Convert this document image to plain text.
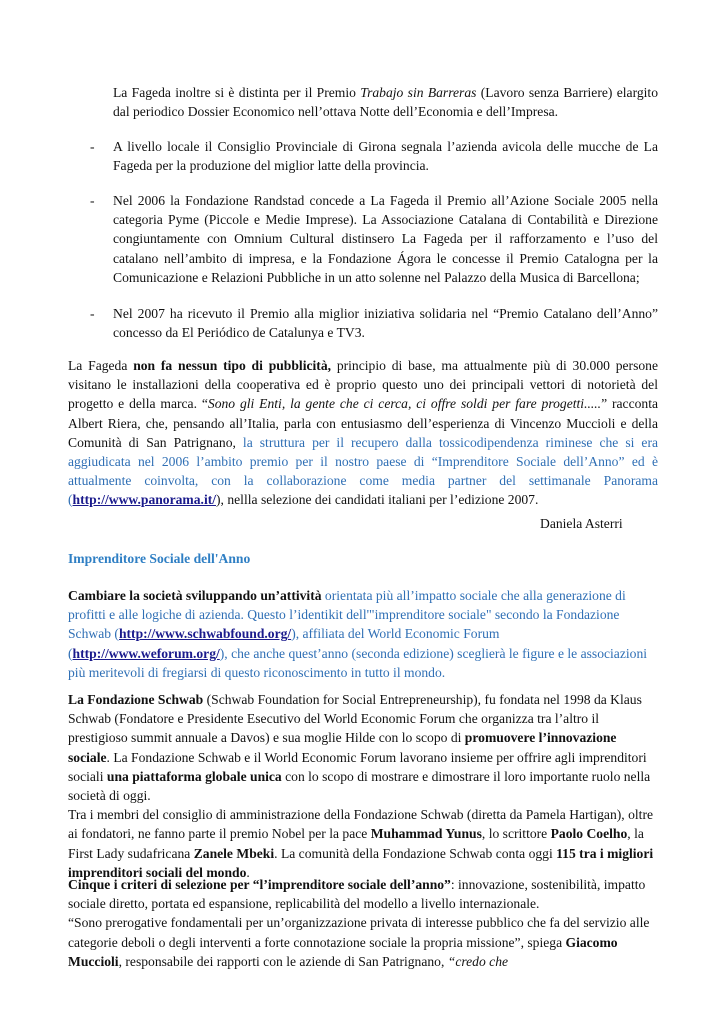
La Fageda inoltre si è distinta per il Premio Trabajo sin Barreras (Lavoro senza Barriere) elargito dal periodico Dossier Economico nell’ottava Notte dell’Economia e dell’Impresa.

- A livello locale il Consiglio Provinciale di Girona segnala l’azienda avicola delle mucche de La Fageda per la produzione del miglior latte della provincia.

- Nel 2006 la Fondazione Randstad concede a La Fageda il Premio all’Azione Sociale 2005 nella categoria Pyme (Piccole e Medie Imprese). La Associazione Catalana di Contabilità e Direzione congiuntamente con Omnium Cultural distinsero La Fageda per il rafforzamento e l’uso del catalano nell’ambito di impresa, e la Fondazione Ágora le concesse il Premio Catalogna per la Comunicazione e Relazioni Pubbliche in un atto solenne nel Palazzo della Musica di Barcellona;

- Nel 2007 ha ricevuto il Premio alla miglior iniziativa solidaria nel “Premio Catalano dell’Anno” concesso da El Periódico de Catalunya e TV3.

La Fageda non fa nessun tipo di pubblicità, principio di base, ma attualmente più di 30.000 persone visitano le installazioni della cooperativa ed è proprio questo uno dei principali vettori di notorietà del progetto e della marca. “Sono gli Enti, la gente che ci cerca, ci offre soldi per fare progetti.....” racconta Albert Riera, che, pensando all’Italia, parla con entusiasmo dell’esperienza di Vincenzo Muccioli e della Comunità di San Patrignano, la struttura per il recupero dalla tossicodipendenza riminese che si era aggiudicata nel 2006 l’ambito premio per il nostro paese di “Imprenditore Sociale dell’Anno” ed è attualmente coinvolta, con la collaborazione come media partner del settimanale Panorama (http://www.panorama.it/), nellla selezione dei candidati italiani per l’edizione 2007.

Daniela Asterri

Imprenditore Sociale dell'Anno

Cambiare la società sviluppando un’attività orientata più all’impatto sociale che alla generazione di profitti e alle logiche di azienda. Questo l’identikit dell'"imprenditore sociale" secondo la Fondazione Schwab (http://www.schwabfound.org/), affiliata del World Economic Forum (http://www.weforum.org/), che anche quest’anno (seconda edizione) sceglierà le figure e le associazioni più meritevoli di fregiarsi di questo riconoscimento in tutto il mondo.

La Fondazione Schwab (Schwab Foundation for Social Entrepreneurship), fu fondata nel 1998 da Klaus Schwab (Fondatore e Presidente Esecutivo del World Economic Forum che organizza tra l’altro il prestigioso summit annuale a Davos) e sua moglie Hilde con lo scopo di promuovere l’innovazione sociale. La Fondazione Schwab e il World Economic Forum lavorano insieme per offrire agli imprenditori sociali una piattaforma globale unica con lo scopo di mostrare e dimostrare il loro importante ruolo nella società di oggi.
Tra i membri del consiglio di amministrazione della Fondazione Schwab (diretta da Pamela Hartigan), oltre ai fondatori, ne fanno parte il premio Nobel per la pace Muhammad Yunus, lo scrittore Paolo Coelho, la First Lady sudafricana Zanele Mbeki. La comunità della Fondazione Schwab conta oggi 115 tra i migliori imprenditori sociali del mondo.

Cinque i criteri di selezione per “l’imprenditore sociale dell’anno”: innovazione, sostenibilità, impatto sociale diretto, portata ed espansione, replicabilità del modello a livello internazionale.
“Sono prerogative fondamentali per un’organizzazione privata di interesse pubblico che fa del servizio alle categorie deboli o degli interventi a forte connotazione sociale la propria missione”, spiega Giacomo Muccioli, responsabile dei rapporti con le aziende di San Patrignano, “credo che
